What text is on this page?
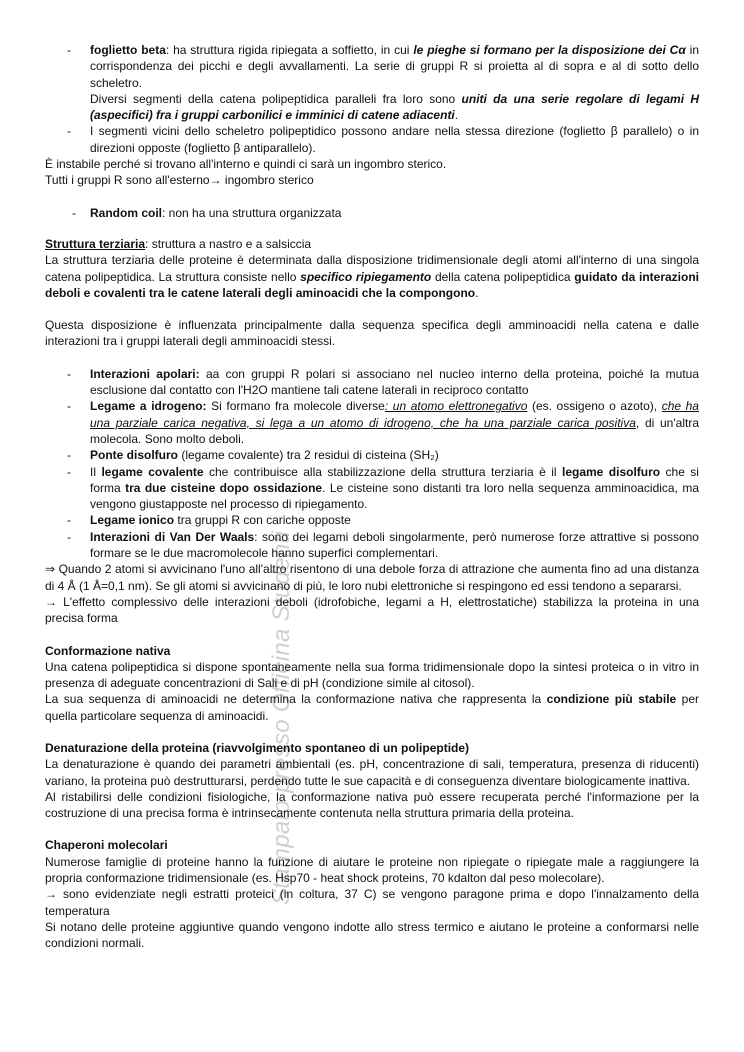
Stampato presso Officina Studenti
- foglietto beta: ha struttura rigida ripiegata a soffietto, in cui le pieghe si formano per la disposizione dei Cα in corrispondenza dei picchi e degli avvallamenti. La serie di gruppi R si proietta al di sopra e al di sotto dello scheletro.
Diversi segmenti della catena polipeptidica paralleli fra loro sono uniti da una serie regolare di legami H (aspecifici) fra i gruppi carbonilici e imminici di catene adiacenti.
- I segmenti vicini dello scheletro polipeptidico possono andare nella stessa direzione (foglietto β parallelo) o in direzioni opposte (foglietto β antiparallelo).

È instabile perché si trovano all'interno e quindi ci sarà un ingombro sterico.

Tutti i gruppi R sono all'esterno→ ingombro sterico

- Random coil: non ha una struttura organizzata

Struttura terziaria: struttura a nastro e a salsiccia

La struttura terziaria delle proteine è determinata dalla disposizione tridimensionale degli atomi all'interno di una singola catena polipeptidica. La struttura consiste nello specifico ripiegamento della catena polipeptidica guidato da interazioni deboli e covalenti tra le catene laterali degli aminoacidi che la compongono.

Questa disposizione è influenzata principalmente dalla sequenza specifica degli amminoacidi nella catena e dalle interazioni tra i gruppi laterali degli amminoacidi stessi.

- Interazioni apolari: aa con gruppi R polari si associano nel nucleo interno della proteina, poiché la mutua esclusione dal contatto con l'H2O mantiene tali catene laterali in reciproco contatto
- Legame a idrogeno: Si formano fra molecole diverse: un atomo elettronegativo (es. ossigeno o azoto), che ha una parziale carica negativa, si lega a un atomo di idrogeno, che ha una parziale carica positiva, di un'altra molecola. Sono molto deboli.
- Ponte disolfuro (legame covalente) tra 2 residui di cisteina (SH₂)
- Il legame covalente che contribuisce alla stabilizzazione della struttura terziaria è il legame disolfuro che si forma tra due cisteine dopo ossidazione. Le cisteine sono distanti tra loro nella sequenza amminoacidica, ma vengono giustapposte nel processo di ripiegamento.
- Legame ionico tra gruppi R con cariche opposte
- Interazioni di Van Der Waals: sono dei legami deboli singolarmente, però numerose forze attrattive si possono formare se le due macromolecole hanno superfici complementari.

⇒ Quando 2 atomi si avvicinano l'uno all'altro risentono di una debole forza di attrazione che aumenta fino ad una distanza di 4 Å (1 Å=0,1 nm). Se gli atomi si avvicinano di più, le loro nubi elettroniche si respingono ed essi tendono a separarsi.

→ L'effetto complessivo delle interazioni deboli (idrofobiche, legami a H, elettrostatiche) stabilizza la proteina in una precisa forma

Conformazione nativa

Una catena polipeptidica si dispone spontaneamente nella sua forma tridimensionale dopo la sintesi proteica o in vitro in presenza di adeguate concentrazioni di Sali e di pH (condizione simile al citosol).

La sua sequenza di aminoacidi ne determina la conformazione nativa che rappresenta la condizione più stabile per quella particolare sequenza di aminoacidi.

Denaturazione della proteina (riavvolgimento spontaneo di un polipeptide)

La denaturazione è quando dei parametri ambientali (es. pH, concentrazione di sali, temperatura, presenza di riducenti) variano, la proteina può destrutturarsi, perdendo tutte le sue capacità e di conseguenza diventare biologicamente inattiva.

Al ristabilirsi delle condizioni fisiologiche, la conformazione nativa può essere recuperata perché l'informazione per la costruzione di una precisa forma è intrinsecamente contenuta nella struttura primaria della proteina.

Chaperoni molecolari

Numerose famiglie di proteine hanno la funzione di aiutare le proteine non ripiegate o ripiegate male a raggiungere la propria conformazione tridimensionale (es. Hsp70 - heat shock proteins, 70 kdalton dal peso molecolare).

→ sono evidenziate negli estratti proteici (in coltura, 37 C) se vengono paragone prima e dopo l'innalzamento della temperatura

Si notano delle proteine aggiuntive quando vengono indotte allo stress termico e aiutano le proteine a conformarsi nelle condizioni normali.
